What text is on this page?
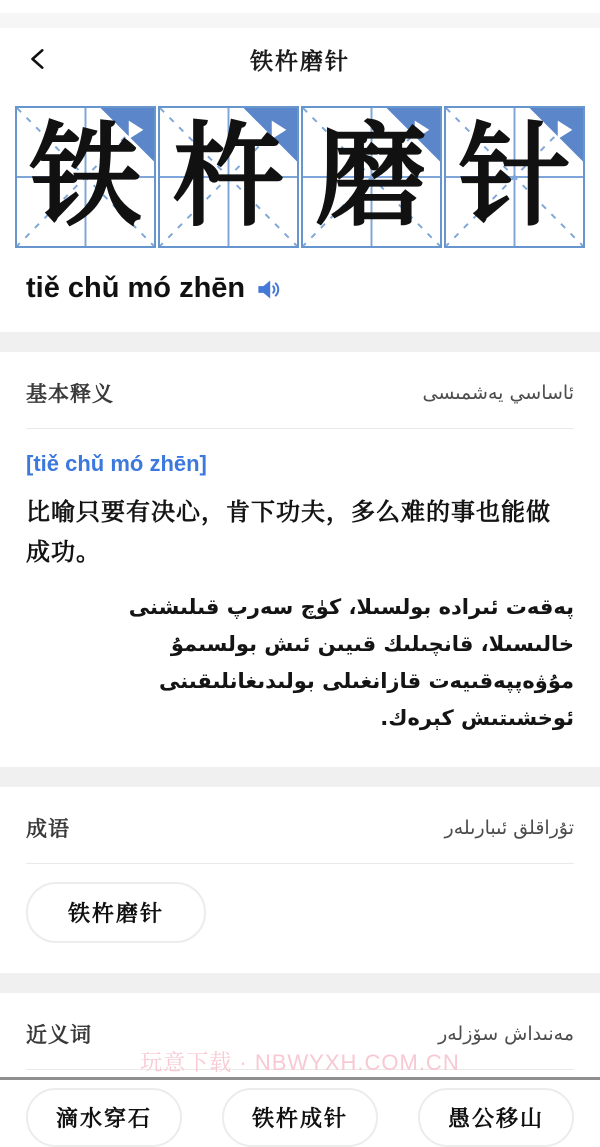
铁杵磨针
铁 杵 磨 针
tiě chǔ mó zhēn
基本释义	ئاساسي يەشمىسى
[tiě chǔ mó zhēn]
比喻只要有决心，肯下功夫，多么难的事也能做成功。
پەقەت ئىرادە بولسىلا، كۈچ سەرپ قىلىشنى خالىسىلا، قانچىلىك قىيىن ئىش بولسىمۇ مۇۋەپپەقىيەت قازانغىلى بولىدىغانلىقىنى ئوخشىتىش كېرەك.
成语	تۇراقلق ئىبارىلەر
铁杵磨针
近义词	مەنىداش سۆزلەر
滴水穿石	铁杵成针	愚公移山
玩意下载 · NBWYXH.COM.CN
